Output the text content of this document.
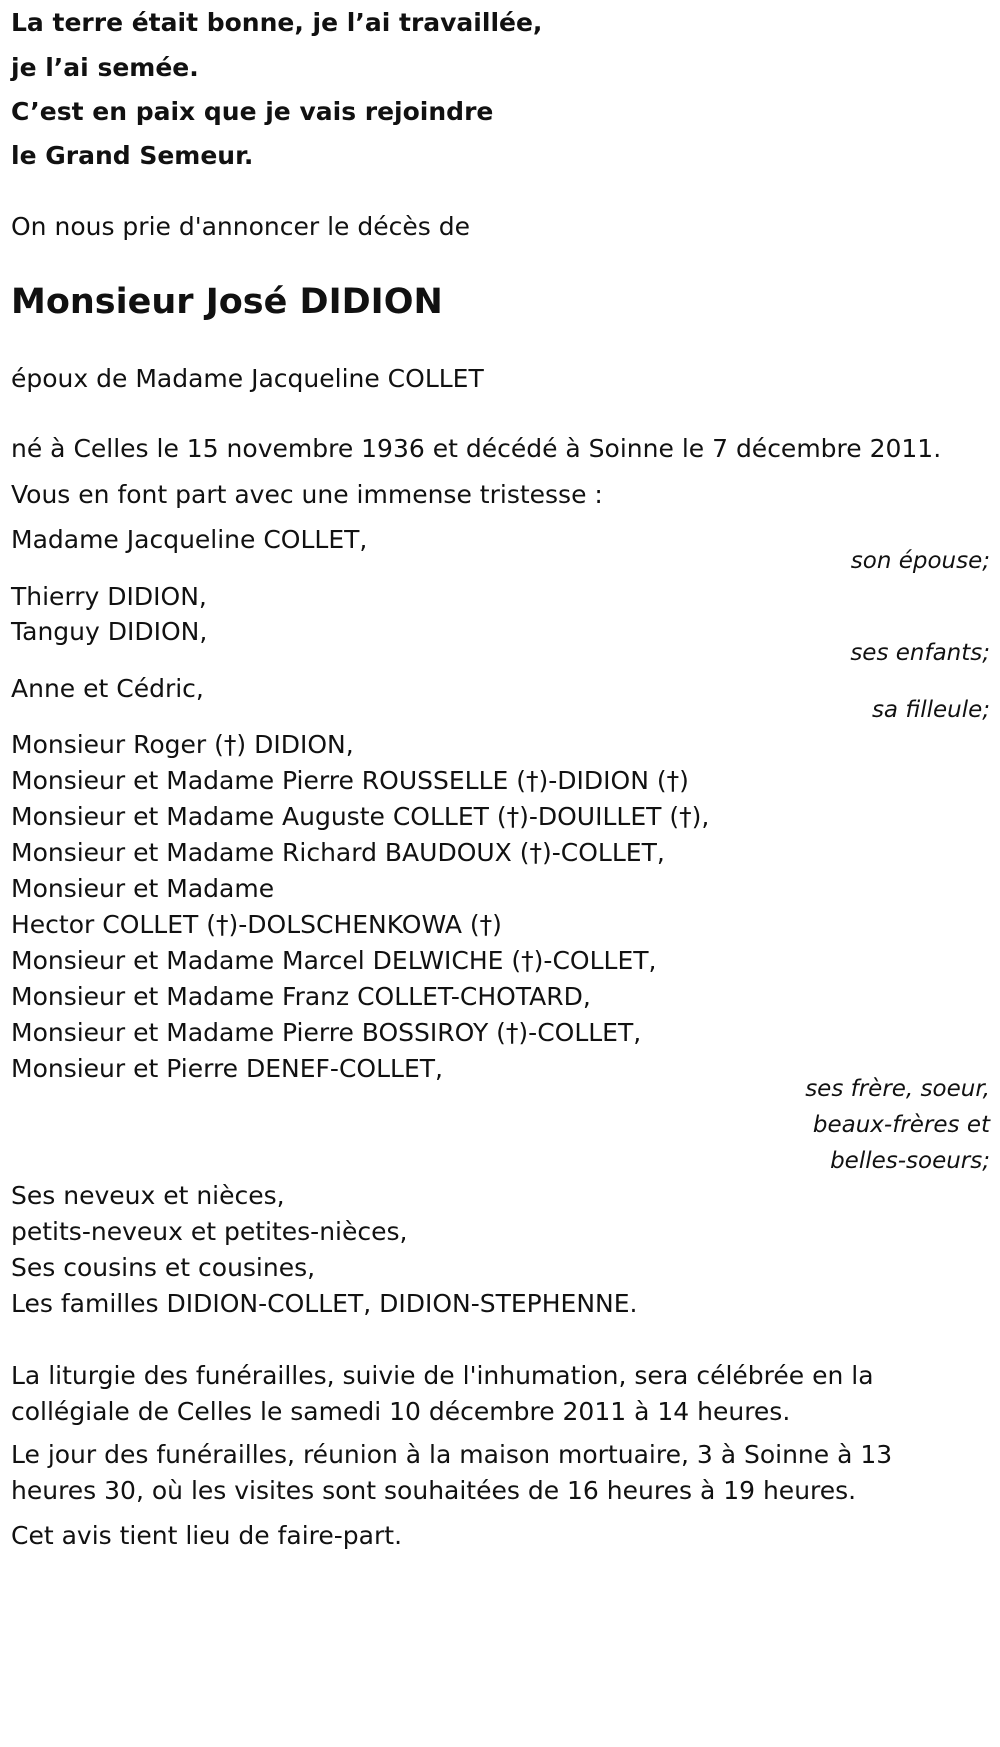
La terre était bonne, je l’ai travaillée,
je l’ai semée.
C’est en paix que je vais rejoindre
le Grand Semeur.
On nous prie d'annoncer le décès de
Monsieur José DIDION
époux de Madame Jacqueline COLLET
né à Celles le 15 novembre 1936 et décédé à Soinne le 7 décembre 2011.
Vous en font part avec une immense tristesse :
Madame Jacqueline COLLET,
son épouse;
Thierry DIDION,
Tanguy DIDION,
ses enfants;
Anne et Cédric,
sa filleule;
Monsieur Roger (†) DIDION,
Monsieur et Madame Pierre ROUSSELLE (†)-DIDION (†)
Monsieur et Madame Auguste COLLET (†)-DOUILLET (†),
Monsieur et Madame Richard BAUDOUX (†)-COLLET,
Monsieur et Madame
Hector COLLET (†)-DOLSCHENKOWA (†)
Monsieur et Madame Marcel DELWICHE (†)-COLLET,
Monsieur et Madame Franz COLLET-CHOTARD,
Monsieur et Madame Pierre BOSSIROY (†)-COLLET,
Monsieur et Pierre DENEF-COLLET,
ses frère, soeur,
beaux-frères et
belles-soeurs;
Ses neveux et nièces,
petits-neveux et petites-nièces,
Ses cousins et cousines,
Les familles DIDION-COLLET, DIDION-STEPHENNE.
La liturgie des funérailles, suivie de l'inhumation, sera célébrée en la
collégiale de Celles le samedi 10 décembre 2011 à 14 heures.
Le jour des funérailles, réunion à la maison mortuaire, 3 à Soinne à 13
heures 30, où les visites sont souhaitées de 16 heures à 19 heures.
Cet avis tient lieu de faire-part.
